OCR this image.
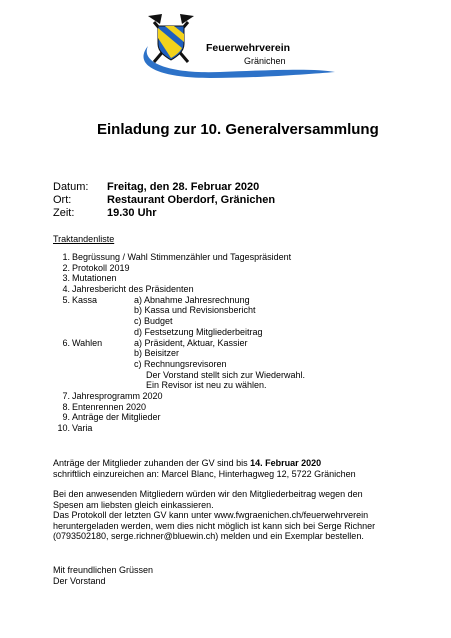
Feuerwehrverein
Gränichen
Einladung zur 10. Generalversammlung
Datum: Freitag, den 28. Februar 2020
Ort:	Restaurant Oberdorf, Gränichen
Zeit:	19.30 Uhr
Traktandenliste
1. Begrüssung / Wahl Stimmenzähler und Tagespräsident
2. Protokoll 2019
3. Mutationen
4. Jahresbericht des Präsidenten
5. Kassa	a) Abnahme Jahresrechnung
b) Kassa und Revisionsbericht
c) Budget
d) Festsetzung Mitgliederbeitrag
6. Wahlen	a) Präsident, Aktuar, Kassier
b) Beisitzer
c) Rechnungsrevisoren
Der Vorstand stellt sich zur Wiederwahl.
Ein Revisor ist neu zu wählen.
7. Jahresprogramm 2020
8. Entenrennen 2020
9. Anträge der Mitglieder
10. Varia
Anträge der Mitglieder zuhanden der GV sind bis 14. Februar 2020
schriftlich einzureichen an: Marcel Blanc, Hinterhagweg 12, 5722 Gränichen
Bei den anwesenden Mitgliedern würden wir den Mitgliederbeitrag wegen den
Spesen am liebsten gleich einkassieren.
Das Protokoll der letzten GV kann unter www.fwgraenichen.ch/feuerwehrverein
heruntergeladen werden, wem dies nicht möglich ist kann sich bei Serge Richner
(0793502180, serge.richner@bluewin.ch) melden und ein Exemplar bestellen.
Mit freundlichen Grüssen
Der Vorstand
